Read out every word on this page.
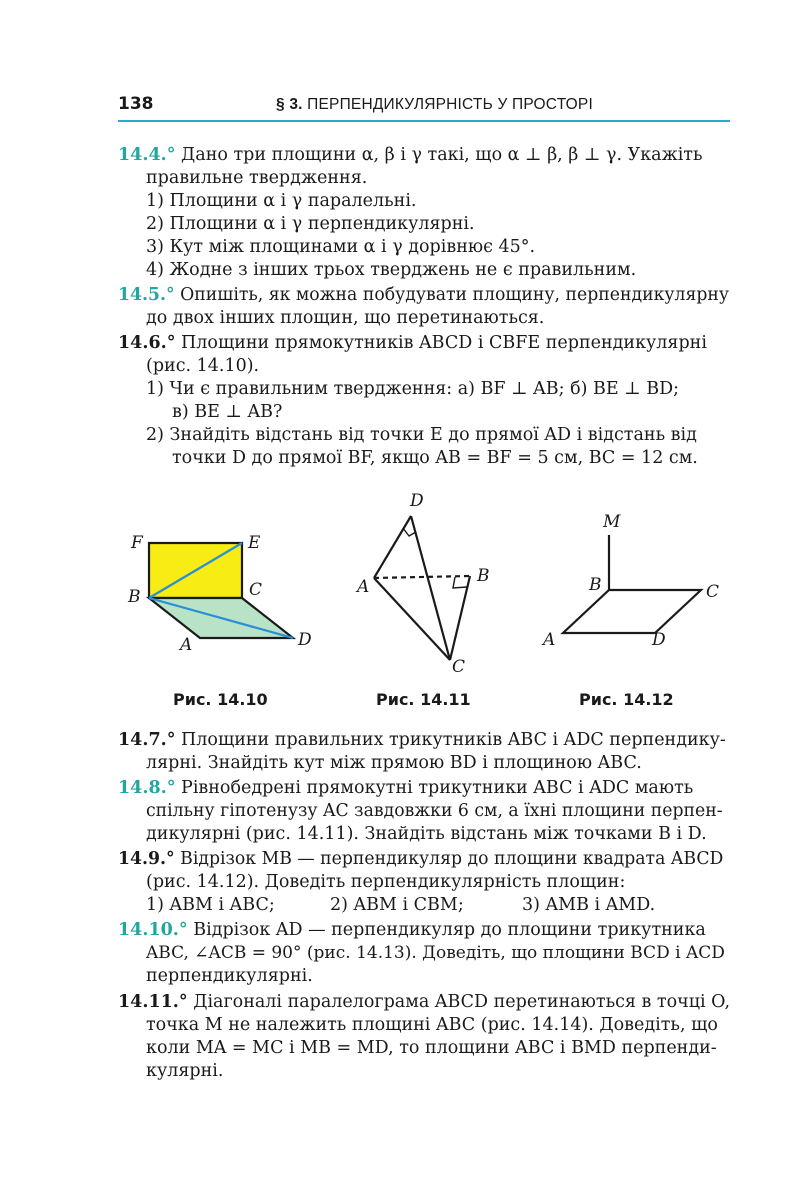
138	§ 3. ПЕРПЕНДИКУЛЯРНІСТЬ У ПРОСТОРІ
14.4.° Дано три площини α, β і γ такі, що α ⊥ β, β ⊥ γ. Укажіть
правильне твердження.
1) Площини α і γ паралельні.
2) Площини α і γ перпендикулярні.
3) Кут між площинами α і γ дорівнює 45°.
4) Жодне з інших трьох тверджень не є правильним.
14.5.° Опишіть, як можна побудувати площину, перпендикулярну
до двох інших площин, що перетинаються.
14.6.° Площини прямокутників ABCD і CBFE перпендикулярні
(рис. 14.10).
1) Чи є правильним твердження: а) BF ⊥ AB; б) BE ⊥ BD;
в) BE ⊥ AB?
2) Знайдіть відстань від точки E до прямої AD і відстань від
точки D до прямої BF, якщо AB = BF = 5 см, BC = 12 см.
F	E
B	C
A	D
D
A
B
C
M
B	C
A	D
Рис. 14.10	Рис. 14.11	Рис. 14.12
14.7.° Площини правильних трикутників ABC і ADC перпендику-
лярні. Знайдіть кут між прямою BD і площиною ABC.
14.8.° Рівнобедрені прямокутні трикутники ABC і ADC мають
спільну гіпотенузу AC завдовжки 6 см, а їхні площини перпен-
дикулярні (рис. 14.11). Знайдіть відстань між точками B і D.
14.9.° Відрізок MB — перпендикуляр до площини квадрата ABCD
(рис. 14.12). Доведіть перпендикулярність площин:
1) ABM і ABC;	2) ABM і CBM;	3) AMB і AMD.
14.10.° Відрізок AD — перпендикуляр до площини трикутника
ABC, ∠ACB = 90° (рис. 14.13). Доведіть, що площини BCD і ACD
перпендикулярні.
14.11.° Діагоналі паралелограма ABCD перетинаються в точці O,
точка M не належить площині ABC (рис. 14.14). Доведіть, що
коли MA = MC і MB = MD, то площини ABC і BMD перпенди-
кулярні.
